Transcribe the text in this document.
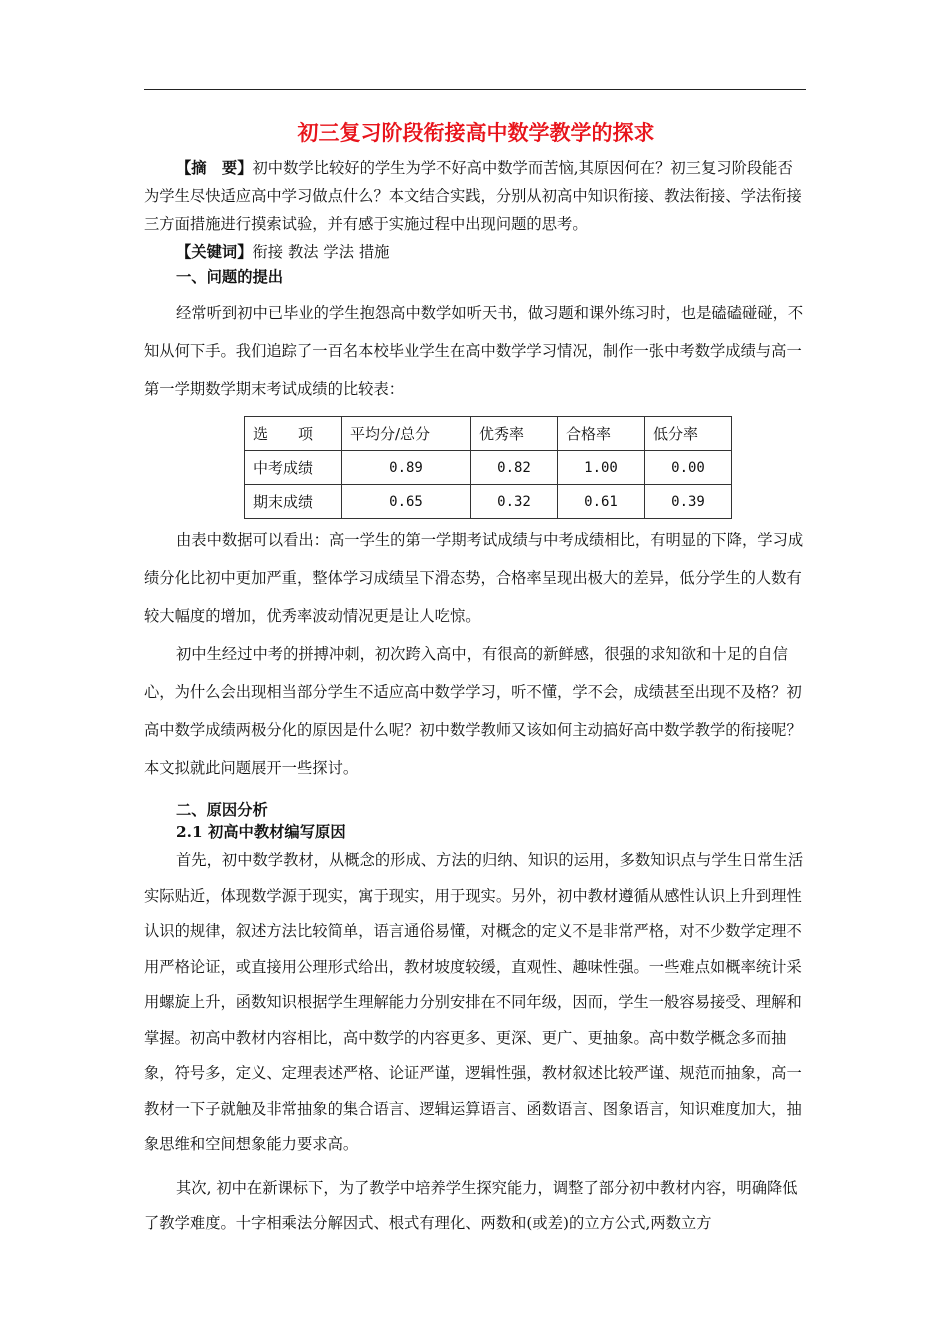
初三复习阶段衔接高中数学教学的探求

【摘　要】初中数学比较好的学生为学不好高中数学而苦恼,其原因何在？初三复习阶段能否为学生尽快适应高中学习做点什么？本文结合实践，分别从初高中知识衔接、教法衔接、学法衔接三方面措施进行摸索试验，并有感于实施过程中出现问题的思考。

【关键词】衔接 教法 学法 措施

一、问题的提出

经常听到初中已毕业的学生抱怨高中数学如听天书，做习题和课外练习时，也是磕磕碰碰，不知从何下手。我们追踪了一百名本校毕业学生在高中数学学习情况，制作一张中考数学成绩与高一第一学期数学期末考试成绩的比较表：

选　　项	平均分/总分	优秀率	合格率	低分率
中考成绩	0.89	0.82	1.00	0.00
期末成绩	0.65	0.32	0.61	0.39

由表中数据可以看出：高一学生的第一学期考试成绩与中考成绩相比，有明显的下降，学习成绩分化比初中更加严重，整体学习成绩呈下滑态势，合格率呈现出极大的差异，低分学生的人数有较大幅度的增加，优秀率波动情况更是让人吃惊。

初中生经过中考的拼搏冲刺，初次跨入高中，有很高的新鲜感，很强的求知欲和十足的自信心，为什么会出现相当部分学生不适应高中数学学习，听不懂，学不会，成绩甚至出现不及格？初高中数学成绩两极分化的原因是什么呢？初中数学教师又该如何主动搞好高中数学教学的衔接呢？本文拟就此问题展开一些探讨。

二、原因分析
2.1 初高中教材编写原因

首先，初中数学教材，从概念的形成、方法的归纳、知识的运用，多数知识点与学生日常生活实际贴近，体现数学源于现实，寓于现实，用于现实。另外，初中教材遵循从感性认识上升到理性认识的规律，叙述方法比较简单，语言通俗易懂，对概念的定义不是非常严格，对不少数学定理不用严格论证，或直接用公理形式给出，教材坡度较缓，直观性、趣味性强。一些难点如概率统计采用螺旋上升，函数知识根据学生理解能力分别安排在不同年级，因而，学生一般容易接受、理解和掌握。初高中教材内容相比，高中数学的内容更多、更深、更广、更抽象。高中数学概念多而抽象，符号多，定义、定理表述严格、论证严谨，逻辑性强，教材叙述比较严谨、规范而抽象，高一教材一下子就触及非常抽象的集合语言、逻辑运算语言、函数语言、图象语言，知识难度加大，抽象思维和空间想象能力要求高。

其次, 初中在新课标下，为了教学中培养学生探究能力，调整了部分初中教材内容，明确降低了教学难度。十字相乘法分解因式、根式有理化、两数和(或差)的立方公式,两数立方
